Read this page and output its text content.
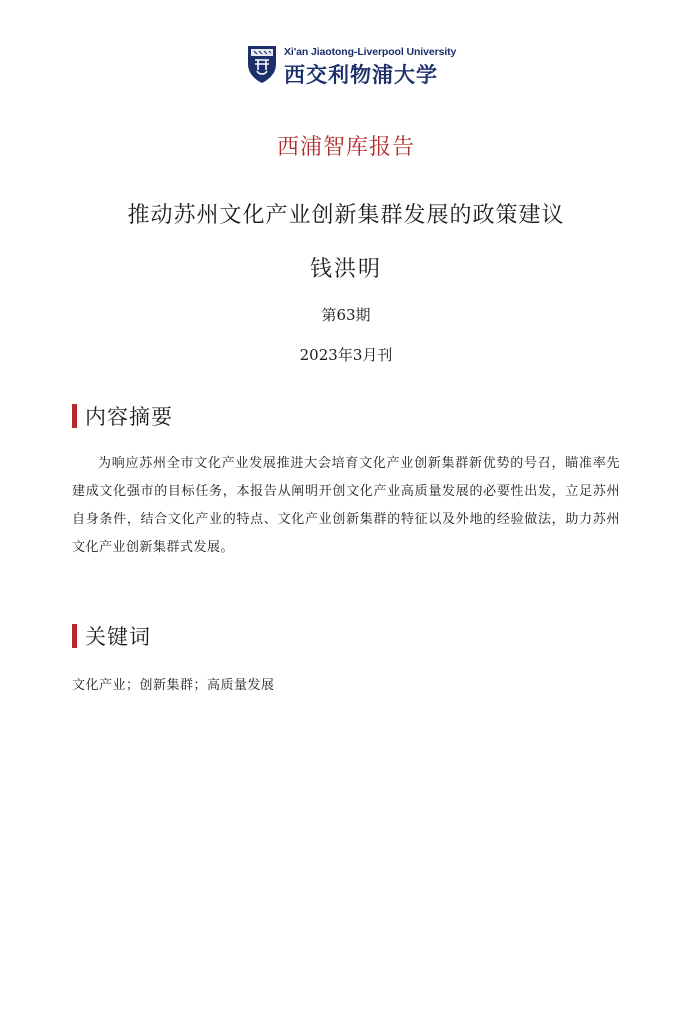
Xi'an Jiaotong-Liverpool University
西交利物浦大学
西浦智库报告
推动苏州文化产业创新集群发展的政策建议
钱洪明
第63期
2023年3月刊
内容摘要

为响应苏州全市文化产业发展推进大会培育文化产业创新集群新优势的号召，瞄准率先建成文化强市的目标任务，本报告从阐明开创文化产业高质量发展的必要性出发，立足苏州自身条件，结合文化产业的特点、文化产业创新集群的特征以及外地的经验做法，助力苏州文化产业创新集群式发展。

关键词
文化产业；创新集群；高质量发展
